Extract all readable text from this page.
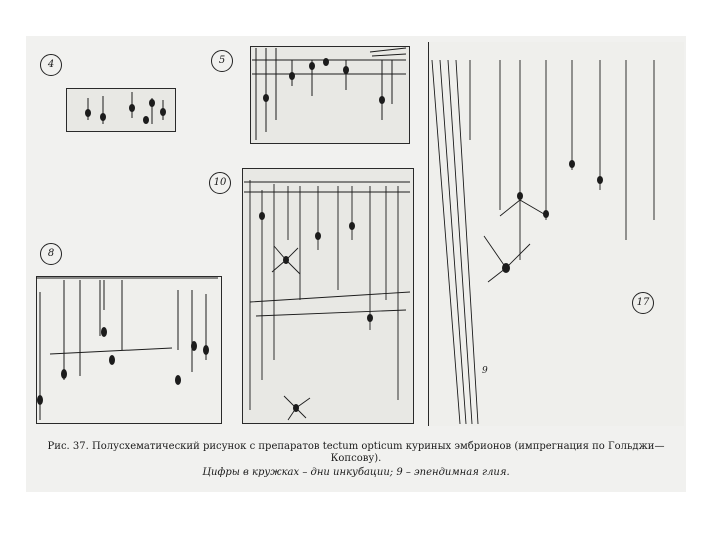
4	5
10
8
17
9
Рис. 37. Полусхематический рисунок с препаратов tectum opticum куриных эмбрионов (импрегнация по Гольджи—
Копсову).
Цифры в кружках – дни инкубации; 9 – эпендимная глия.
